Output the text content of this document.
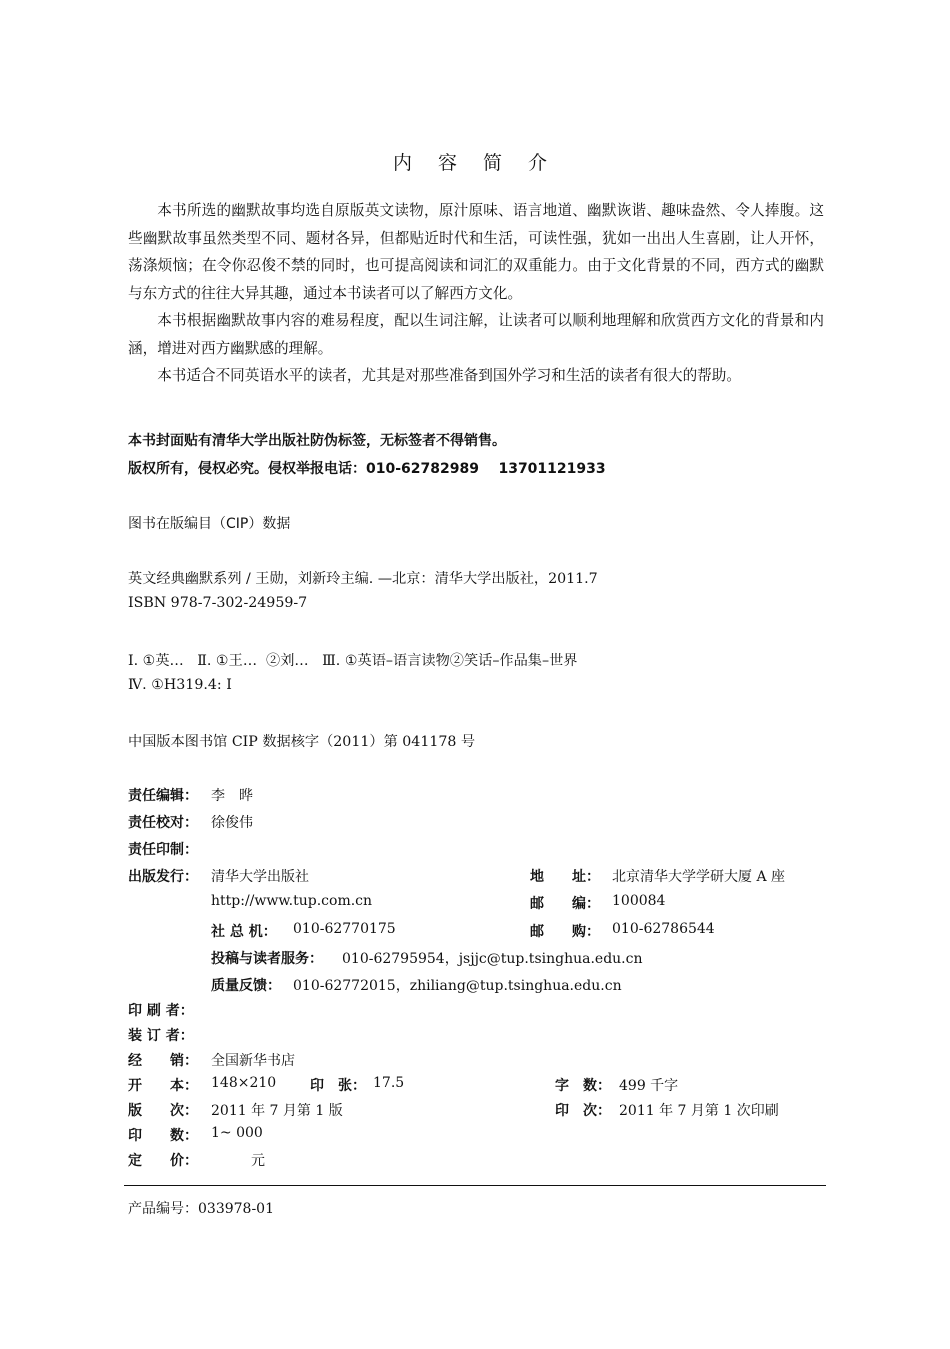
内 容 简 介

本书所选的幽默故事均选自原版英文读物，原汁原味、语言地道、幽默诙谐、趣味盎然、令人捧腹。这些幽默故事虽然类型不同、题材各异，但都贴近时代和生活，可读性强，犹如一出出人生喜剧，让人开怀，荡涤烦恼；在令你忍俊不禁的同时，也可提高阅读和词汇的双重能力。由于文化背景的不同，西方式的幽默与东方式的往往大异其趣，通过本书读者可以了解西方文化。

本书根据幽默故事内容的难易程度，配以生词注解，让读者可以顺利地理解和欣赏西方文化的背景和内涵，增进对西方幽默感的理解。

本书适合不同英语水平的读者，尤其是对那些准备到国外学习和生活的读者有很大的帮助。

本书封面贴有清华大学出版社防伪标签，无标签者不得销售。
版权所有，侵权必究。侵权举报电话：010-62782989    13701121933
图书在版编目（CIP）数据
英文经典幽默系列 / 王勋，刘新玲主编. —北京：清华大学出版社，2011.7
ISBN 978-7-302-24959-7
Ⅰ. ①英…   Ⅱ. ①王…  ②刘…   Ⅲ. ①英语–语言读物②笑话–作品集–世界
Ⅳ. ①H319.4: I
中国版本图书馆 CIP 数据核字（2011）第 041178 号
责任编辑： 李　晔
责任校对： 徐俊伟
责任印制：
出版发行： 清华大学出版社	地　　址： 北京清华大学学研大厦 A 座
http://www.tup.com.cn	邮　　编： 100084
社 总 机： 010-62770175	邮　　购： 010-62786544
投稿与读者服务： 010-62795954，jsjjc@tup.tsinghua.edu.cn
质量反馈： 010-62772015，zhiliang@tup.tsinghua.edu.cn
印 刷 者：
装 订 者：
经　　销： 全国新华书店
开　　本： 148×210 印　张： 17.5	字　数： 499 千字
版　　次： 2011 年 7 月第 1 版	印　次： 2011 年 7 月第 1 次印刷
印　　数： 1~ 000
定　　价：	元
产品编号：033978-01
